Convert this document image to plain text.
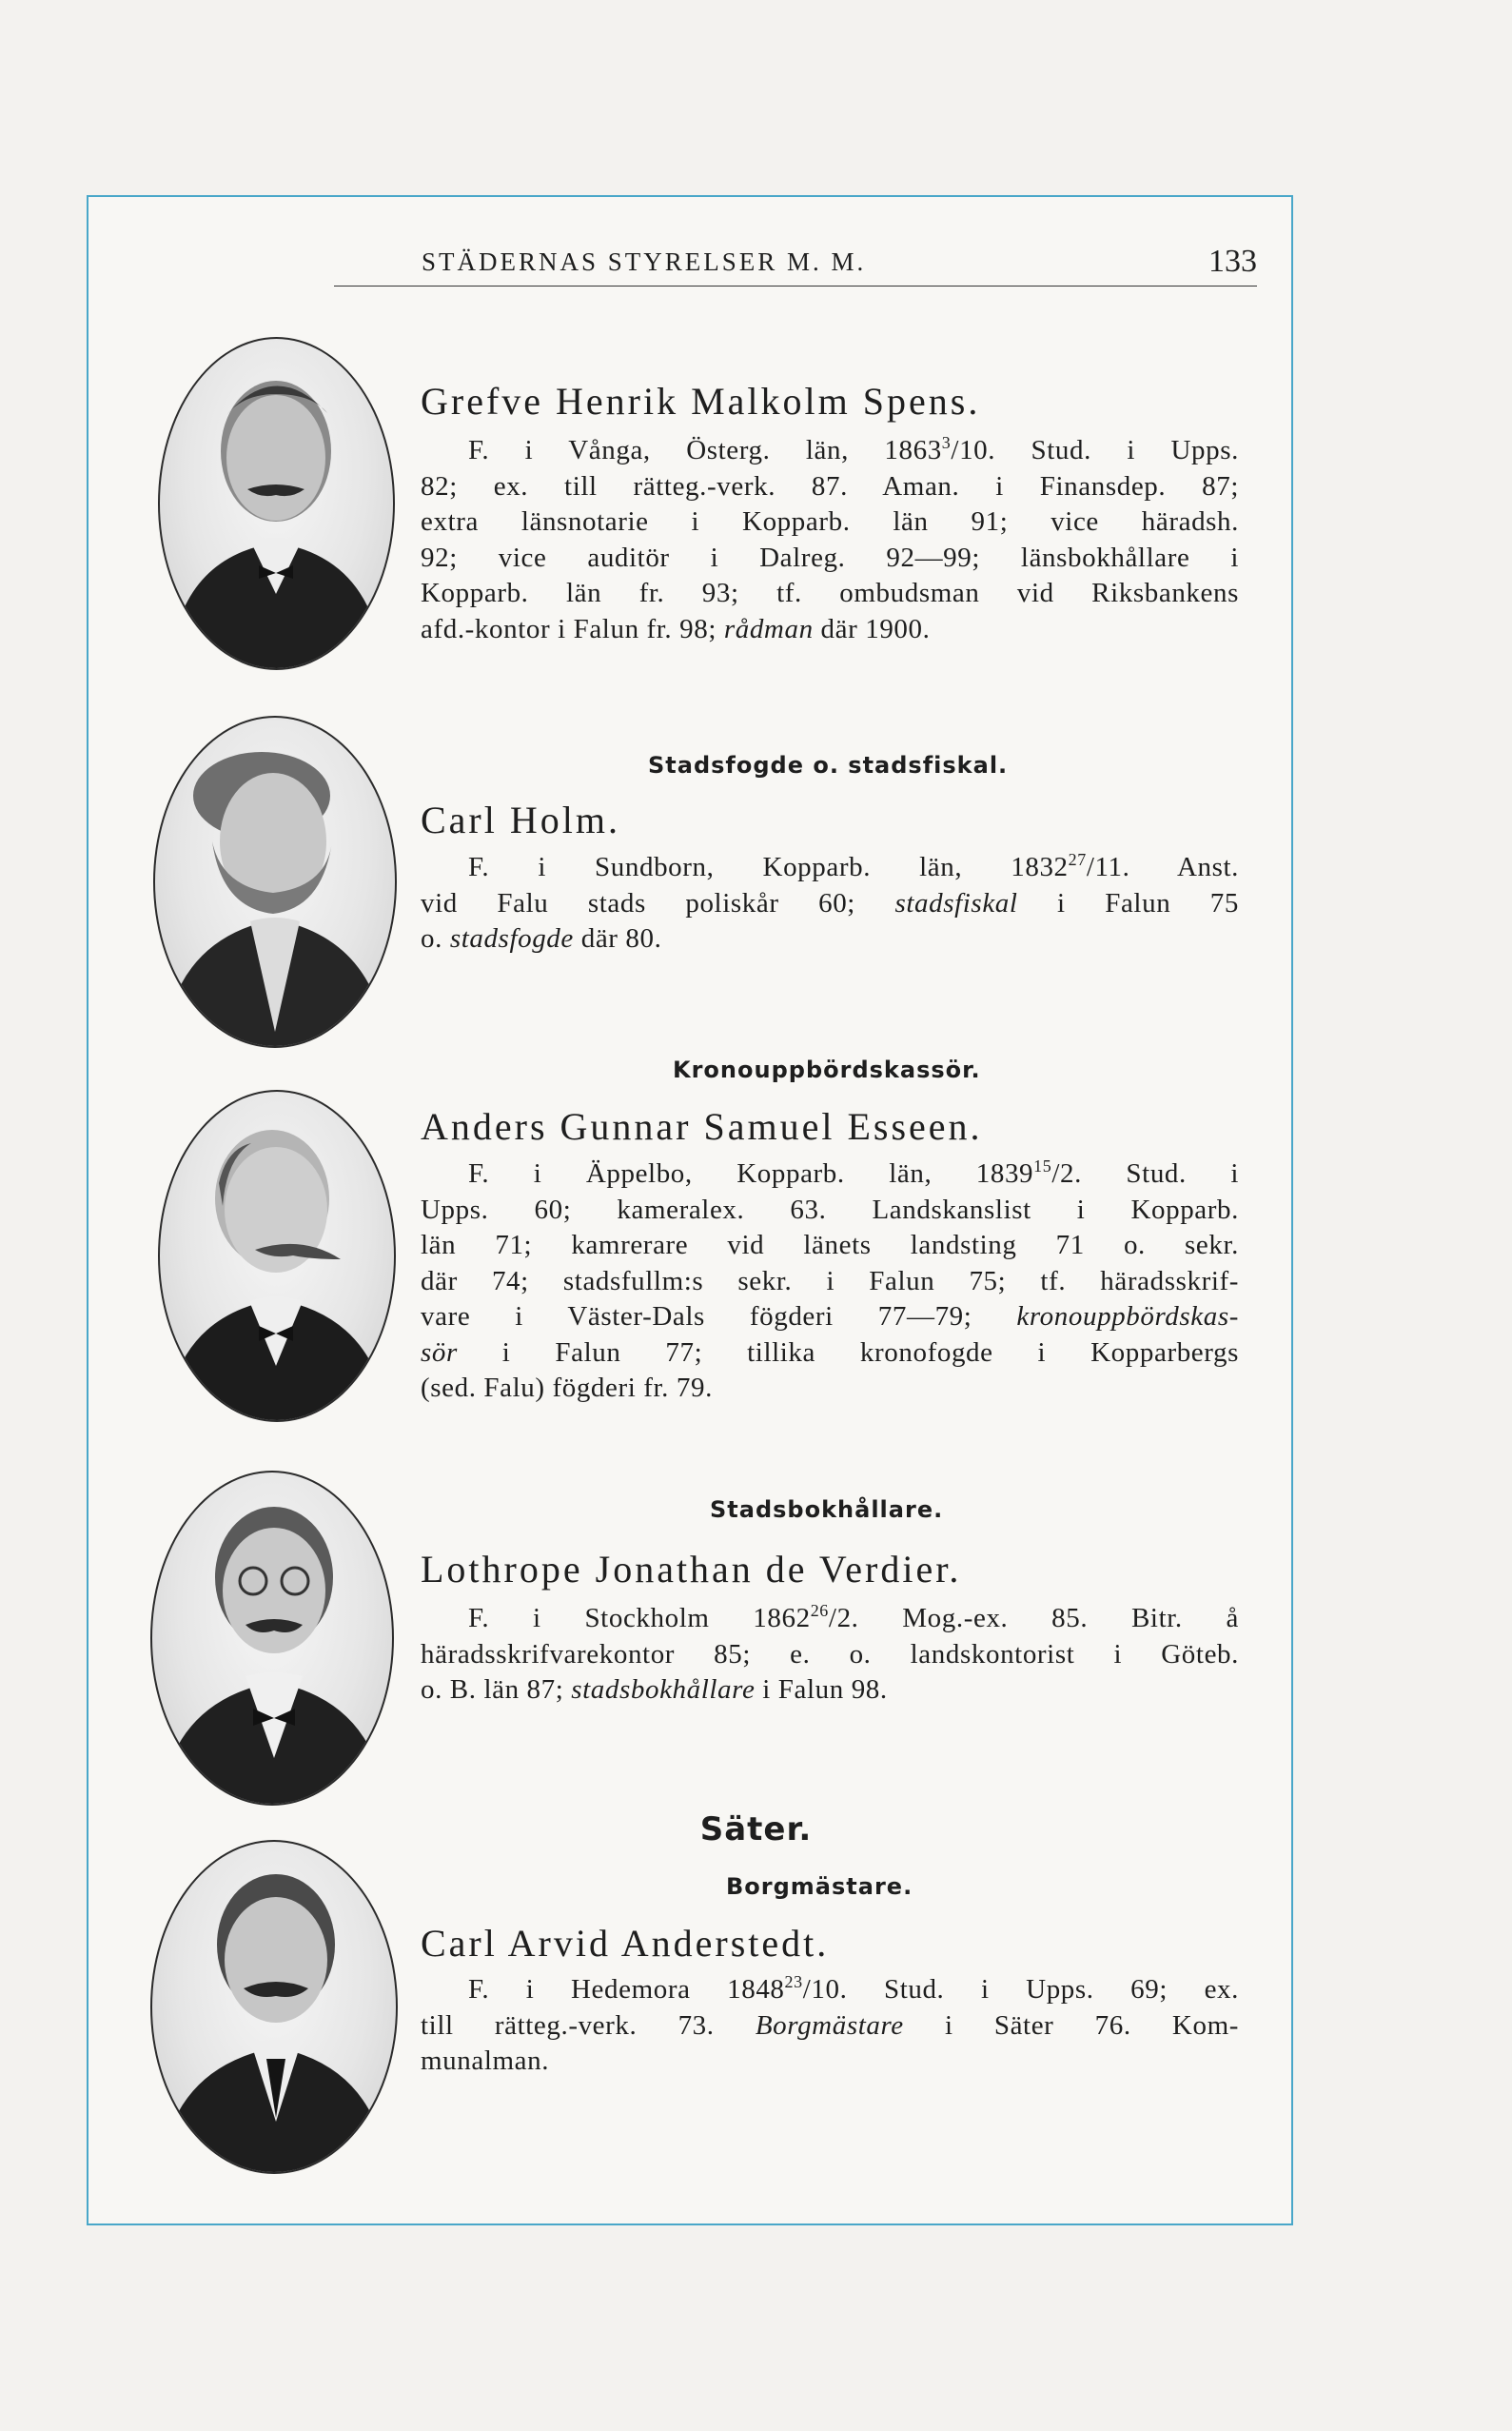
STÄDERNAS STYRELSER M. M.	133
Grefve Henrik Malkolm Spens.
F. i Vånga, Österg. län, 1863$^3$/10. Stud. i Upps.
82; ex. till rätteg.-verk. 87. Aman. i Finansdep. 87;
extra länsnotarie i Kopparb. län 91; vice häradsh.
92; vice auditör i Dalreg. 92—99; länsbokhållare i
Kopparb. län fr. 93; tf. ombudsman vid Riksbankens
afd.-kontor i Falun fr. 98; rådman där 1900.
Stadsfogde o. stadsfiskal.
Carl Holm.
F. i Sundborn, Kopparb. län, 1832$^{27}$/11. Anst.
vid Falu stads poliskår 60; stadsfiskal i Falun 75
o. stadsfogde där 80.
Kronouppbördskassör.
Anders Gunnar Samuel Esseen.
F. i Äppelbo, Kopparb. län, 1839$^{15}$/2. Stud. i
Upps. 60; kameralex. 63. Landskanslist i Kopparb.
län 71; kamrerare vid länets landsting 71 o. sekr.
där 74; stadsfullm:s sekr. i Falun 75; tf. häradsskrif-
vare i Väster-Dals fögderi 77—79; kronouppbördskas-
sör i Falun 77; tillika kronofogde i Kopparbergs
(sed. Falu) fögderi fr. 79.
Stadsbokhållare.
Lothrope Jonathan de Verdier.
F. i Stockholm 1862$^{26}$/2. Mog.-ex. 85. Bitr. å
häradsskrifvarekontor 85; e. o. landskontorist i Göteb.
o. B. län 87; stadsbokhållare i Falun 98.
Säter.
Borgmästare.
Carl Arvid Anderstedt.
F. i Hedemora 1848$^{23}$/10. Stud. i Upps. 69; ex.
till rätteg.-verk. 73. Borgmästare i Säter 76. Kom-
munalman.
